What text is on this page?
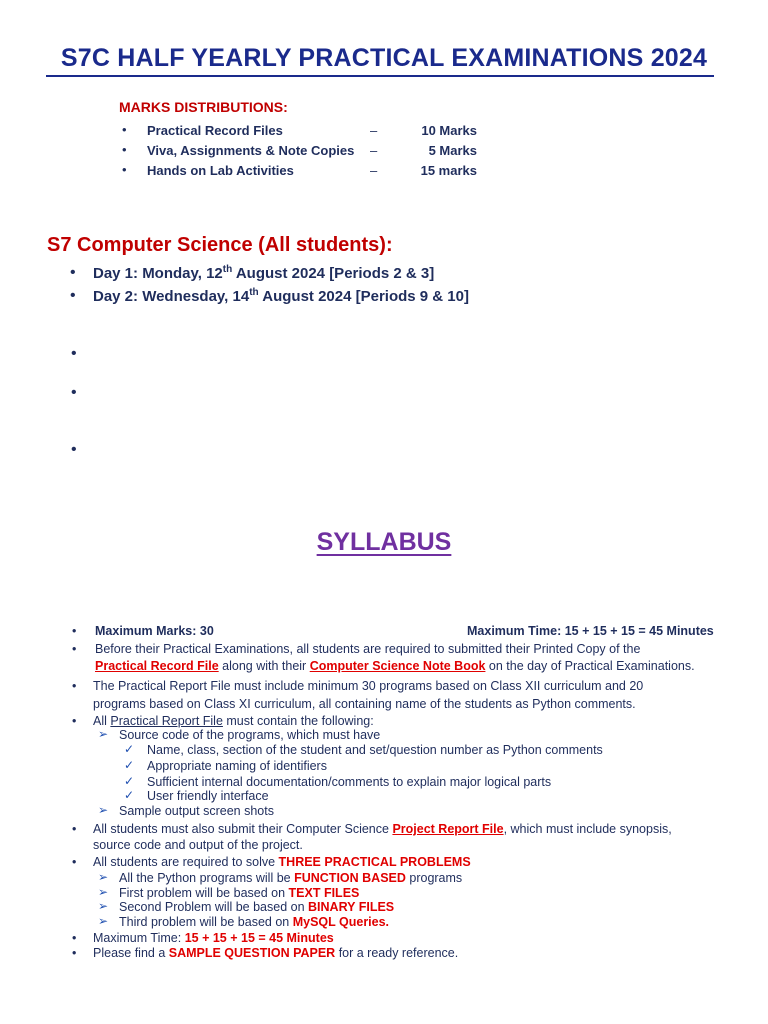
S7C HALF YEARLY PRACTICAL EXAMINATIONS 2024
MARKS DISTRIBUTIONS:
• Practical Record Files	–	10 Marks
• Viva, Assignments & Note Copies –	5 Marks
• Hands on Lab Activities	–	15 marks
S7 Computer Science (All students):
• Day 1: Monday, 12th August 2024 [Periods 2 & 3]
• Day 2: Wednesday, 14th August 2024 [Periods 9 & 10]
•
•
•
SYLLABUS
• Maximum Marks: 30	Maximum Time: 15 + 15 + 15 = 45 Minutes
• Before their Practical Examinations, all students are required to submitted their Printed Copy of the
Practical Record File along with their Computer Science Note Book on the day of Practical Examinations.
• The Practical Report File must include minimum 30 programs based on Class XII curriculum and 20
programs based on Class XI curriculum, all containing name of the students as Python comments.
• All Practical Report File must contain the following:
➢ Source code of the programs, which must have
✓ Name, class, section of the student and set/question number as Python comments
✓ Appropriate naming of identifiers
✓ Sufficient internal documentation/comments to explain major logical parts
✓ User friendly interface
➢ Sample output screen shots
• All students must also submit their Computer Science Project Report File, which must include synopsis,
source code and output of the project.
• All students are required to solve THREE PRACTICAL PROBLEMS
➢ All the Python programs will be FUNCTION BASED programs
➢ First problem will be based on TEXT FILES
➢ Second Problem will be based on BINARY FILES
➢ Third problem will be based on MySQL Queries.
• Maximum Time: 15 + 15 + 15 = 45 Minutes
• Please find a SAMPLE QUESTION PAPER for a ready reference.
